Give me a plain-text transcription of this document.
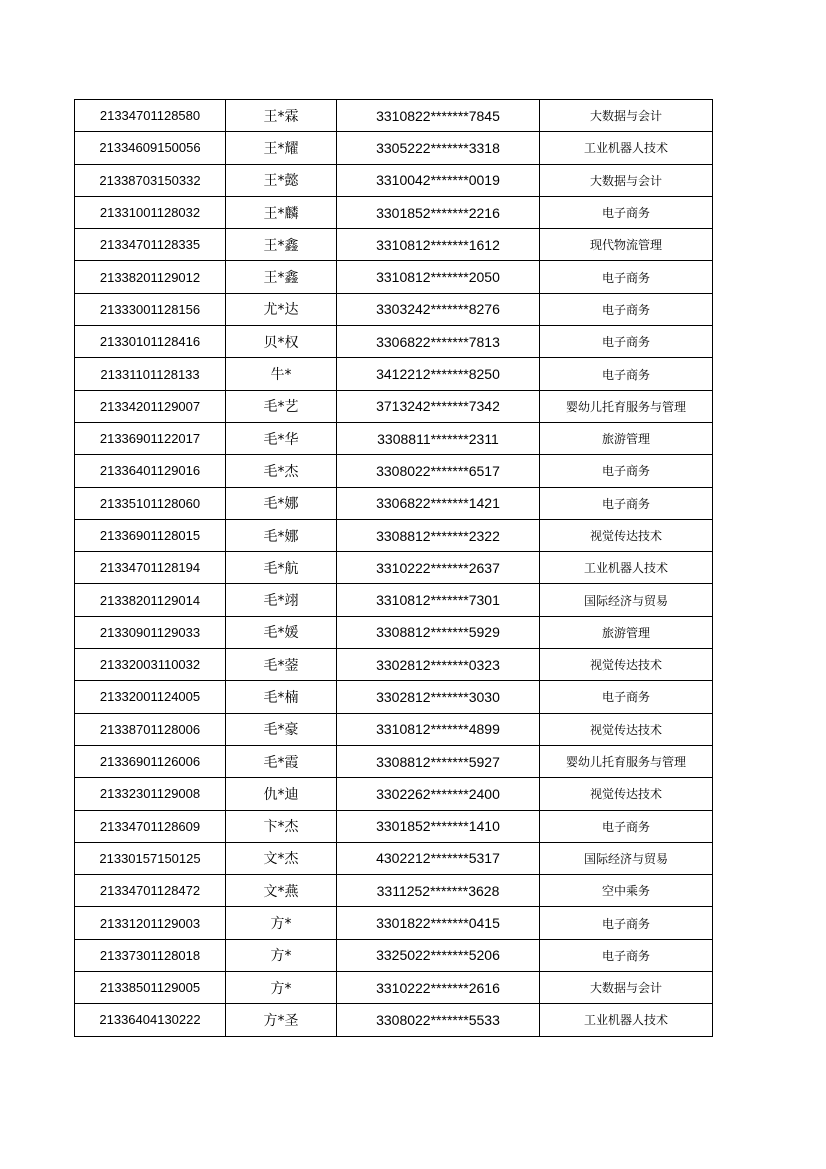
21334701128580	王*霖	3310822*******7845	大数据与会计
21334609150056	王*耀	3305222*******3318	工业机器人技术
21338703150332	王*懿	3310042*******0019	大数据与会计
21331001128032	王*麟	3301852*******2216	电子商务
21334701128335	王*鑫	3310812*******1612	现代物流管理
21338201129012	王*鑫	3310812*******2050	电子商务
21333001128156	尤*达	3303242*******8276	电子商务
21330101128416	贝*权	3306822*******7813	电子商务
21331101128133	牛*	3412212*******8250	电子商务
21334201129007	毛*艺	3713242*******7342	婴幼儿托育服务与管理
21336901122017	毛*华	3308811*******2311	旅游管理
21336401129016	毛*杰	3308022*******6517	电子商务
21335101128060	毛*娜	3306822*******1421	电子商务
21336901128015	毛*娜	3308812*******2322	视觉传达技术
21334701128194	毛*航	3310222*******2637	工业机器人技术
21338201129014	毛*翊	3310812*******7301	国际经济与贸易
21330901129033	毛*媛	3308812*******5929	旅游管理
21332003110032	毛*蓥	3302812*******0323	视觉传达技术
21332001124005	毛*楠	3302812*******3030	电子商务
21338701128006	毛*豪	3310812*******4899	视觉传达技术
21336901126006	毛*霞	3308812*******5927	婴幼儿托育服务与管理
21332301129008	仇*迪	3302262*******2400	视觉传达技术
21334701128609	卞*杰	3301852*******1410	电子商务
21330157150125	文*杰	4302212*******5317	国际经济与贸易
21334701128472	文*燕	3311252*******3628	空中乘务
21331201129003	方*	3301822*******0415	电子商务
21337301128018	方*	3325022*******5206	电子商务
21338501129005	方*	3310222*******2616	大数据与会计
21336404130222	方*圣	3308022*******5533	工业机器人技术
